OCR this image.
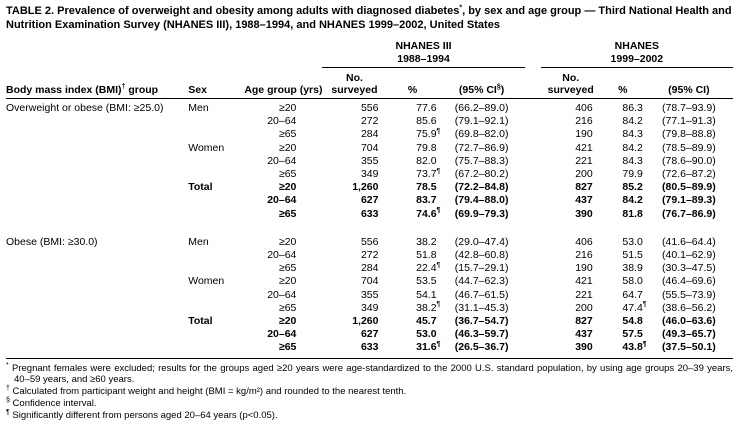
TABLE 2. Prevalence of overweight and obesity among adults with diagnosed diabetes*, by sex and age group — Third National Health and Nutrition Examination Survey (NHANES III), 1988–1994, and NHANES 1999–2002, United States
			NHANES III				NHANES		
			1988–1994				1999–2002		
			No.				No.		
Body mass index (BMI)† group	Sex	Age group (yrs)	surveyed	%	(95% CI§)		surveyed	%	(95% CI)
Overweight or obese (BMI: ≥25.0)	Men	≥20	556	77.6	(66.2–89.0)		406	86.3	(78.7–93.9)
		20–64	272	85.6	(79.1–92.1)		216	84.2	(77.1–91.3)
		≥65	284	75.9¶	(69.8–82.0)		190	84.3	(79.8–88.8)
	Women	≥20	704	79.8	(72.7–86.9)		421	84.2	(78.5–89.9)
		20–64	355	82.0	(75.7–88.3)		221	84.3	(78.6–90.0)
		≥65	349	73.7¶	(67.2–80.2)		200	79.9	(72.6–87.2)
	Total	≥20	1,260	78.5	(72.2–84.8)		827	85.2	(80.5–89.9)
		20–64	627	83.7	(79.4–88.0)		437	84.2	(79.1–89.3)
		≥65	633	74.6¶	(69.9–79.3)		390	81.8	(76.7–86.9)

Obese (BMI: ≥30.0)	Men	≥20	556	38.2	(29.0–47.4)		406	53.0	(41.6–64.4)
		20–64	272	51.8	(42.8–60.8)		216	51.5	(40.1–62.9)
		≥65	284	22.4¶	(15.7–29.1)		190	38.9	(30.3–47.5)
	Women	≥20	704	53.5	(44.7–62.3)		421	58.0	(46.4–69.6)
		20–64	355	54.1	(46.7–61.5)		221	64.7	(55.5–73.9)
		≥65	349	38.2¶	(31.1–45.3)		200	47.4¶	(38.6–56.2)
	Total	≥20	1,260	45.7	(36.7–54.7)		827	54.8	(46.0–63.6)
		20–64	627	53.0	(46.3–59.7)		437	57.5	(49.3–65.7)
		≥65	633	31.6¶	(26.5–36.7)		390	43.8¶	(37.5–50.1)
* Pregnant females were excluded; results for the groups aged ≥20 years were age-standardized to the 2000 U.S. standard population, by using age groups 20–39 years, 40–59 years, and ≥60 years.
† Calculated from participant weight and height (BMI = kg/m²) and rounded to the nearest tenth.
§ Confidence interval.
¶ Significantly different from persons aged 20–64 years (p<0.05).
